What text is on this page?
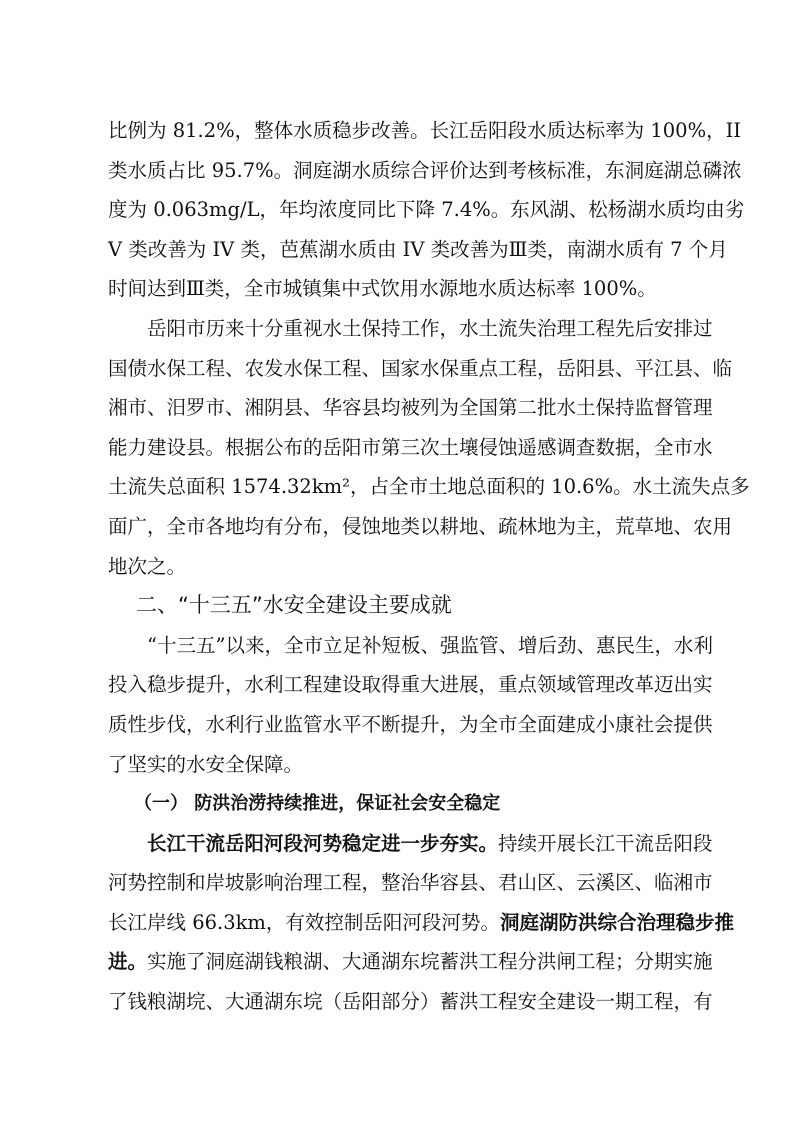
比例为 81.2%，整体水质稳步改善。长江岳阳段水质达标率为 100%，II
类水质占比 95.7%。洞庭湖水质综合评价达到考核标准，东洞庭湖总磷浓
度为 0.063mg/L，年均浓度同比下降 7.4%。东风湖、松杨湖水质均由劣
V 类改善为 IV 类，芭蕉湖水质由 IV 类改善为Ⅲ类，南湖水质有 7 个月
时间达到Ⅲ类，全市城镇集中式饮用水源地水质达标率 100%。
岳阳市历来十分重视水土保持工作，水土流失治理工程先后安排过
国债水保工程、农发水保工程、国家水保重点工程，岳阳县、平江县、临
湘市、汨罗市、湘阴县、华容县均被列为全国第二批水土保持监督管理
能力建设县。根据公布的岳阳市第三次土壤侵蚀遥感调查数据，全市水
土流失总面积 1574.32km²，占全市土地总面积的 10.6%。水土流失点多
面广，全市各地均有分布，侵蚀地类以耕地、疏林地为主，荒草地、农用
地次之。
二、“十三五”水安全建设主要成就
“十三五”以来，全市立足补短板、强监管、增后劲、惠民生，水利
投入稳步提升，水利工程建设取得重大进展，重点领域管理改革迈出实
质性步伐，水利行业监管水平不断提升，为全市全面建成小康社会提供
了坚实的水安全保障。
（一） 防洪治涝持续推进，保证社会安全稳定
长江干流岳阳河段河势稳定进一步夯实。持续开展长江干流岳阳段
河势控制和岸坡影响治理工程，整治华容县、君山区、云溪区、临湘市
长江岸线 66.3km，有效控制岳阳河段河势。洞庭湖防洪综合治理稳步推
进。实施了洞庭湖钱粮湖、大通湖东垸蓄洪工程分洪闸工程；分期实施
了钱粮湖垸、大通湖东垸（岳阳部分）蓄洪工程安全建设一期工程，有
